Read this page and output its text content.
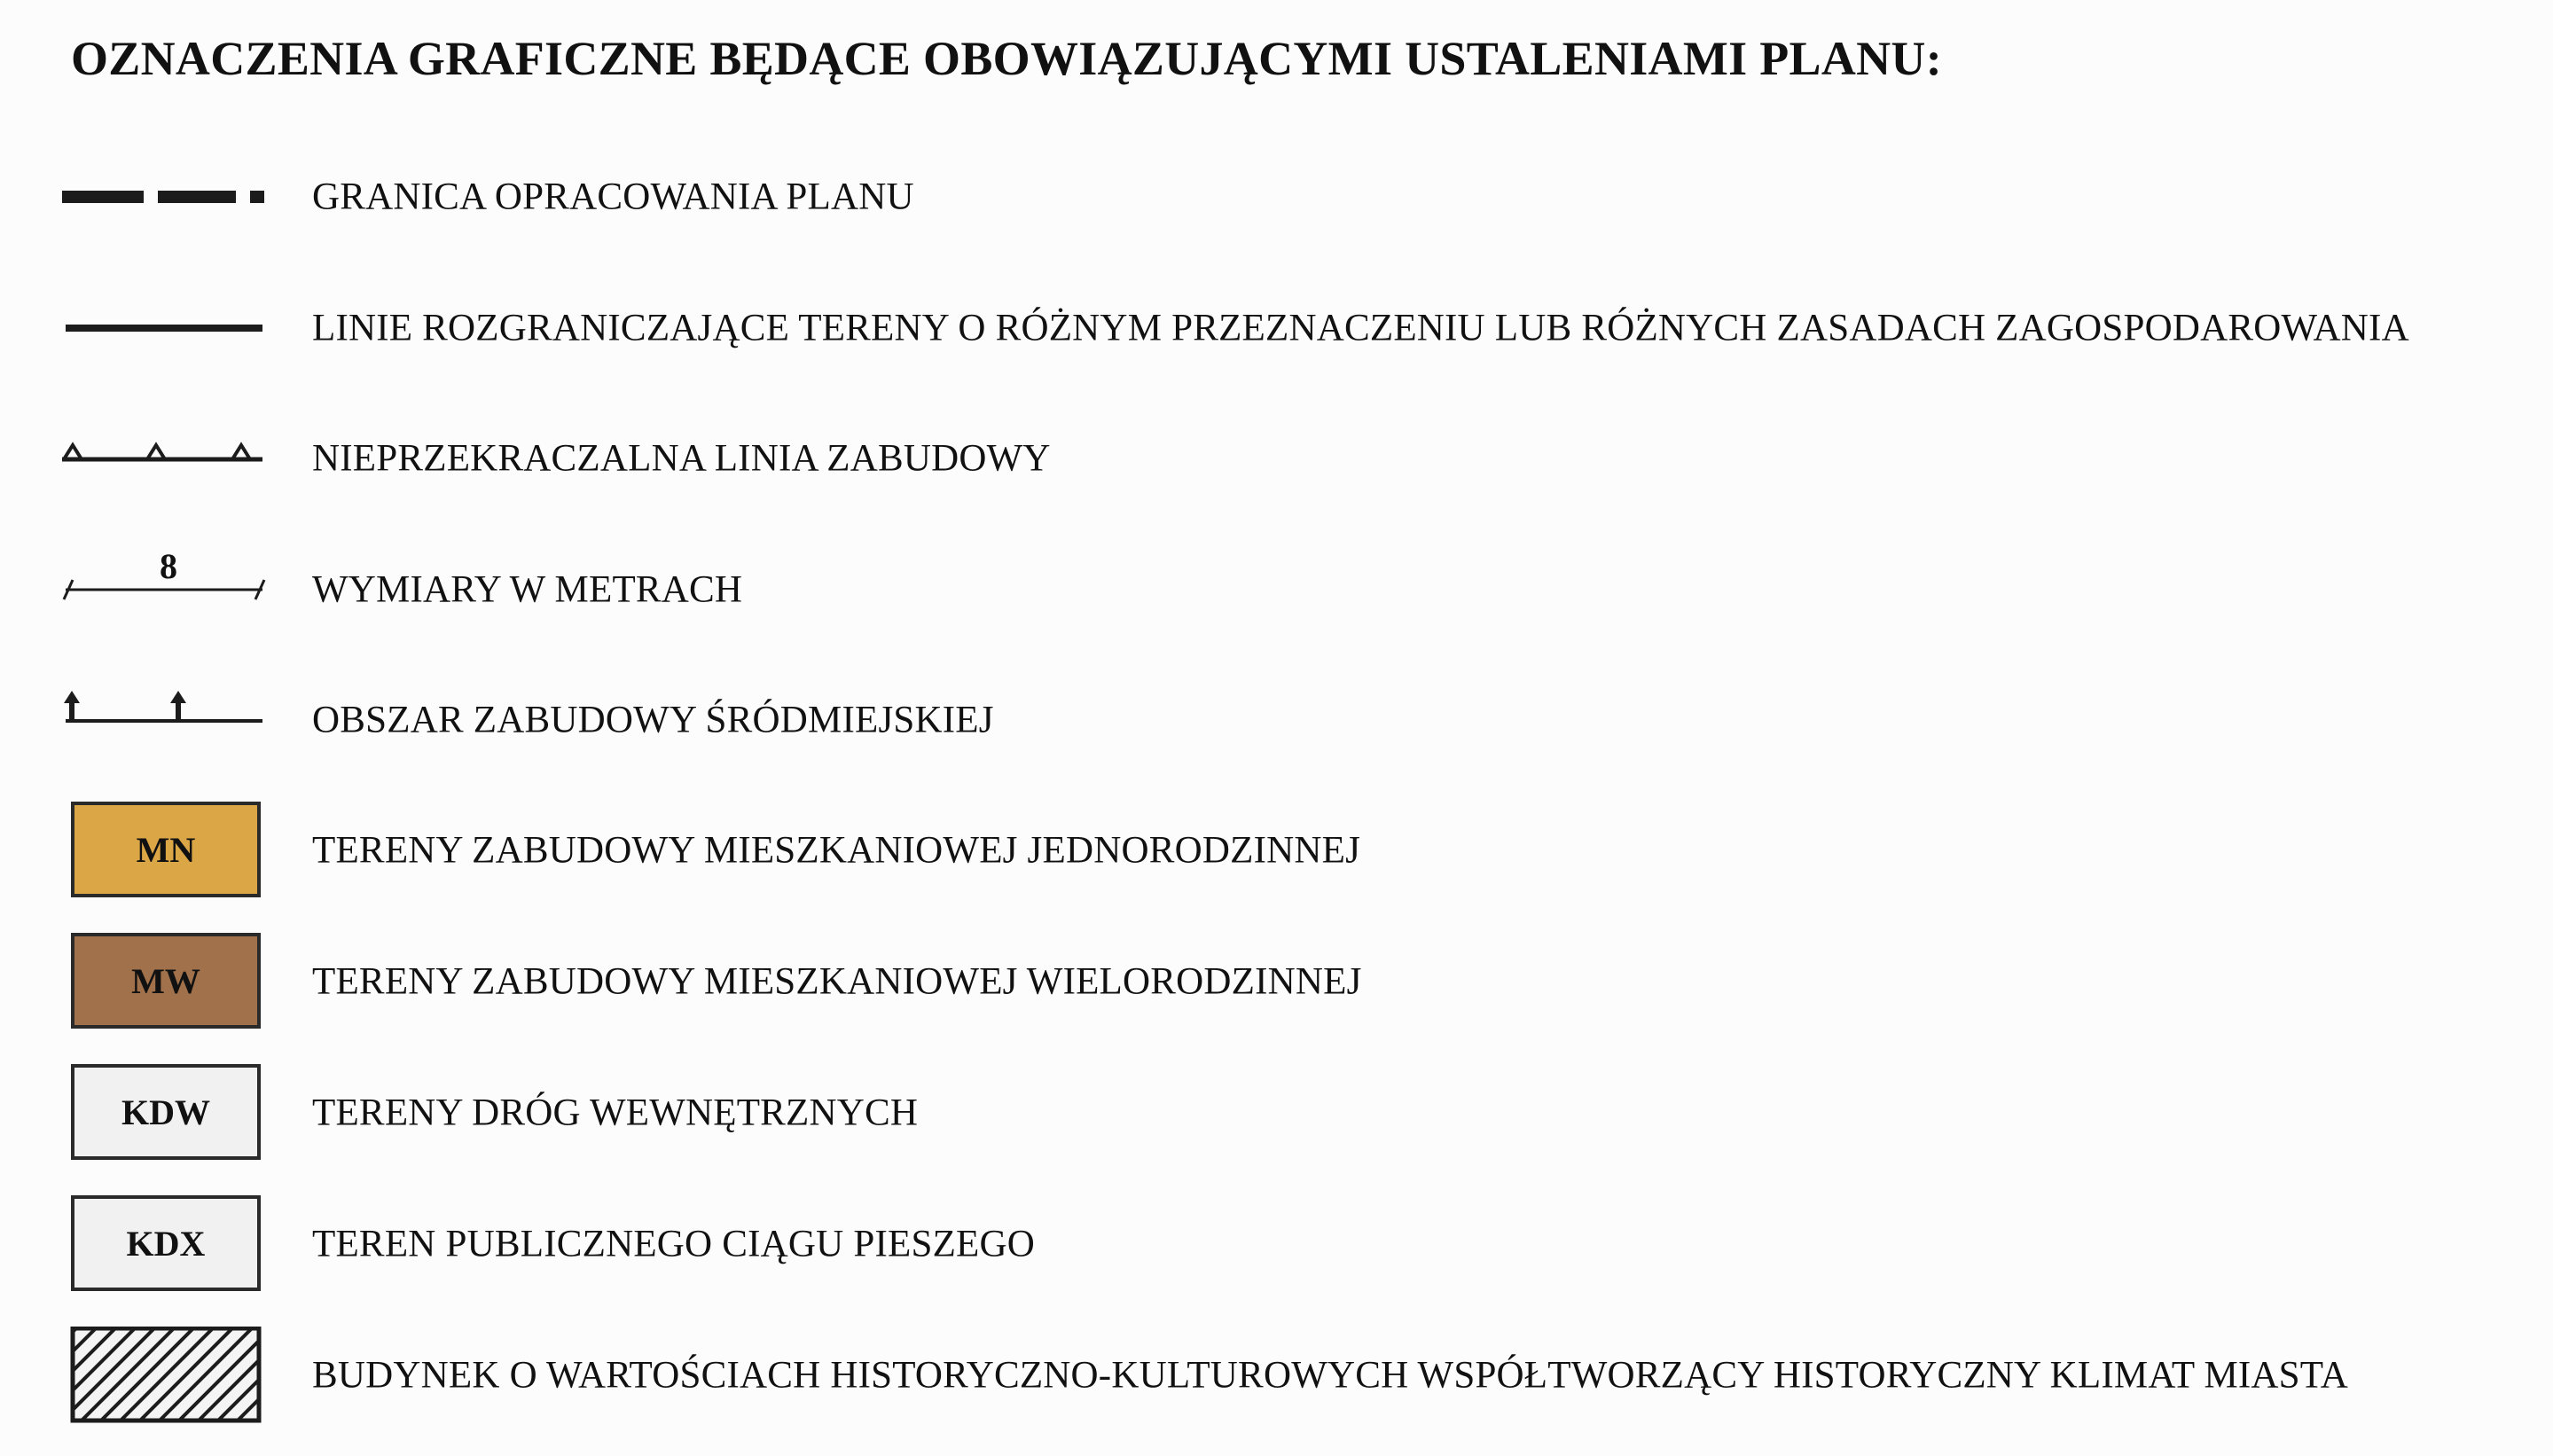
OZNACZENIA GRAFICZNE BĘDĄCE OBOWIĄZUJĄCYMI USTALENIAMI PLANU:
GRANICA OPRACOWANIA PLANU
LINIE ROZGRANICZAJĄCE TERENY O RÓŻNYM PRZEZNACZENIU LUB RÓŻNYCH ZASADACH ZAGOSPODAROWANIA
NIEPRZEKRACZALNA LINIA ZABUDOWY
8
WYMIARY W METRACH
OBSZAR ZABUDOWY ŚRÓDMIEJSKIEJ
MN	TERENY ZABUDOWY MIESZKANIOWEJ JEDNORODZINNEJ
MW	TERENY ZABUDOWY MIESZKANIOWEJ WIELORODZINNEJ
KDW	TERENY DRÓG WEWNĘTRZNYCH
KDX	TEREN PUBLICZNEGO CIĄGU PIESZEGO
BUDYNEK O WARTOŚCIACH HISTORYCZNO-KULTUROWYCH WSPÓŁTWORZĄCY HISTORYCZNY KLIMAT MIASTA
